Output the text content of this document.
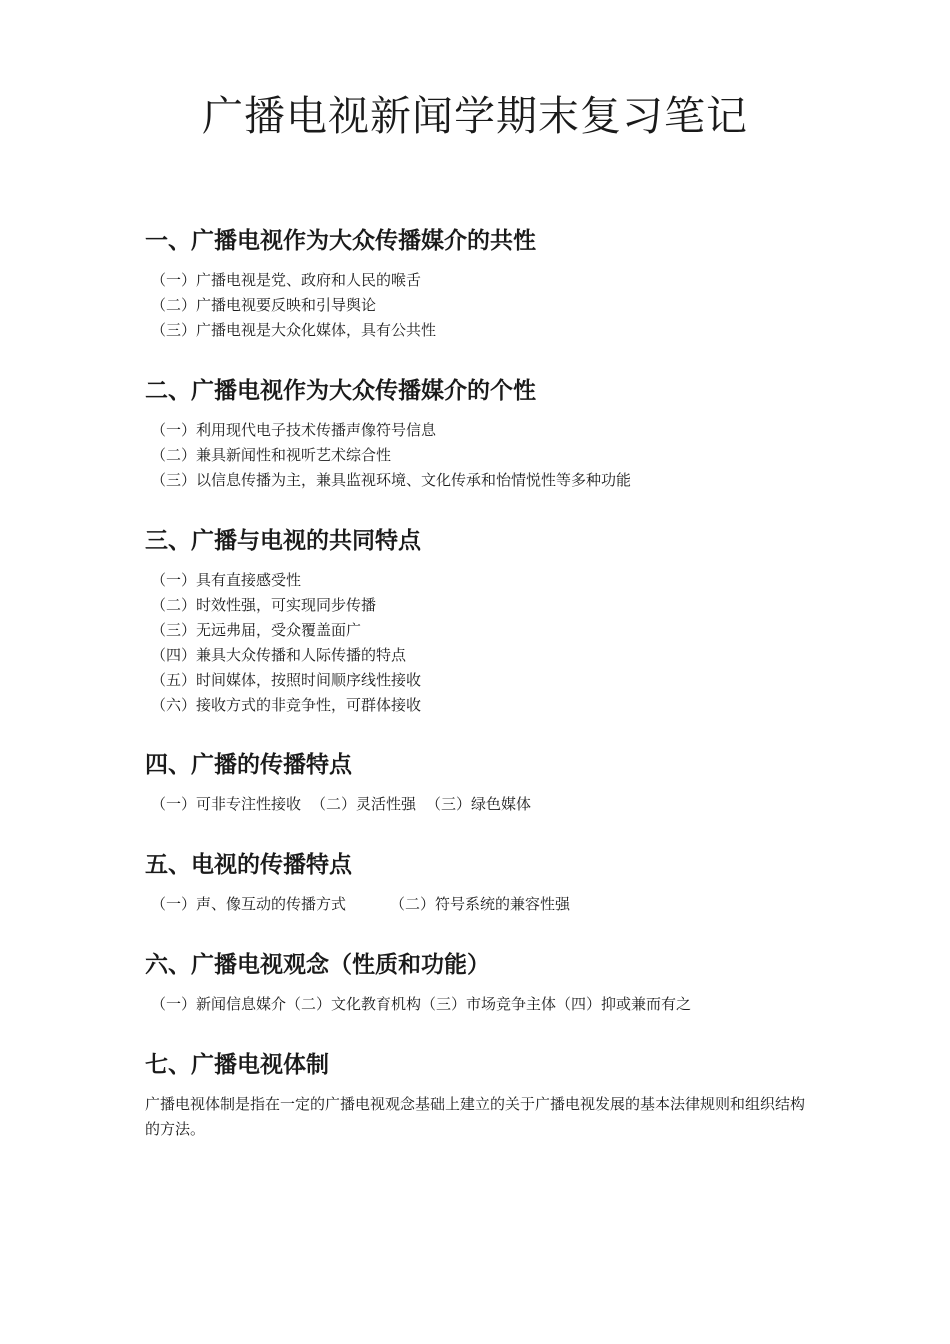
广播电视新闻学期末复习笔记
一、广播电视作为大众传播媒介的共性
（一）广播电视是党、政府和人民的喉舌
（二）广播电视要反映和引导舆论
（三）广播电视是大众化媒体，具有公共性
二、广播电视作为大众传播媒介的个性
（一）利用现代电子技术传播声像符号信息
（二）兼具新闻性和视听艺术综合性
（三）以信息传播为主，兼具监视环境、文化传承和怡情悦性等多种功能
三、广播与电视的共同特点
（一）具有直接感受性
（二）时效性强，可实现同步传播
（三）无远弗届，受众覆盖面广
（四）兼具大众传播和人际传播的特点
（五）时间媒体，按照时间顺序线性接收
（六）接收方式的非竞争性，可群体接收
四、广播的传播特点
（一）可非专注性接收 （二）灵活性强 （三）绿色媒体
五、电视的传播特点
（一）声、像互动的传播方式	（二）符号系统的兼容性强
六、广播电视观念（性质和功能）
（一）新闻信息媒介（二）文化教育机构（三）市场竞争主体（四）抑或兼而有之
七、广播电视体制

广播电视体制是指在一定的广播电视观念基础上建立的关于广播电视发展的基本法律规则和组织结构的方法。
